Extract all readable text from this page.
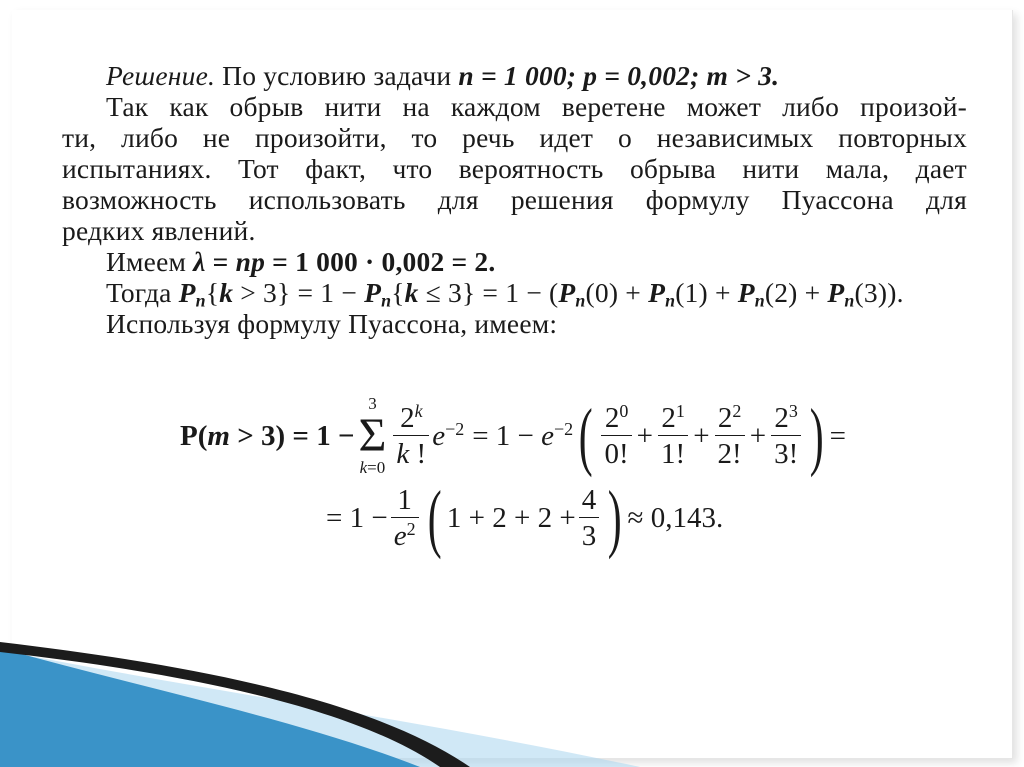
Решение. По условию задачи n = 1 000; p = 0,002; m > 3.
Так как обрыв нити на каждом веретене может либо произой-
ти, либо не произойти, то речь идет о независимых повторных
испытаниях. Тот факт, что вероятность обрыва нити мала, дает
возможность использовать для решения формулу Пуассона для
редких явлений.
Имеем λ = np = 1 000 · 0,002 = 2.
Тогда $P_n\{k > 3\} = 1 - P_n\{k \le 3\} = 1 - (P_n(0) + P_n(1) + P_n(2) + P_n(3))$.
Используя формулу Пуассона, имеем:
P(m > 3) = 1 −
3
Σ
$k=0 \frac{2^k}{k !} e^{-2} = 1 - e^{-2}$ ( $\frac{2^0}{0!} + \frac{2^1}{1!} + \frac{2^2}{2!} + \frac{2^3}{3!}$ ) =
= $1 - \frac{1}{e^2}$ ( $1 + 2 + 2 + \frac{4}{3}$ ) ≈ 0,143.
